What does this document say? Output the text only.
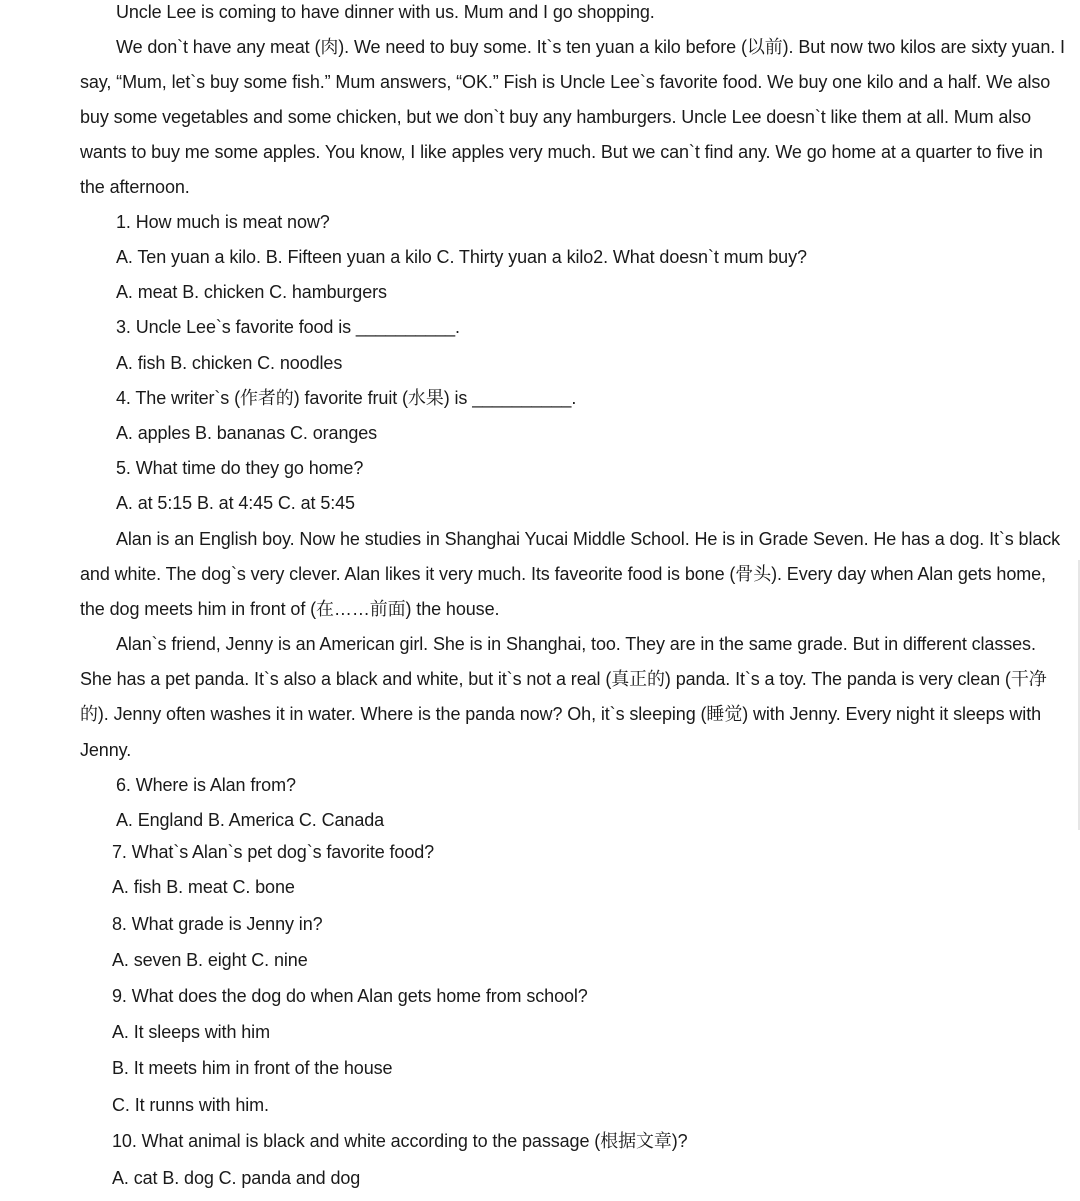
Uncle Lee is coming to have dinner with us. Mum and I go shopping.
We don`t have any meat (肉). We need to buy some. It`s ten yuan a kilo before (以前). But now two kilos are sixty yuan. I
say, “Mum, let`s buy some fish.” Mum answers, “OK.” Fish is Uncle Lee`s favorite food. We buy one kilo and a half. We also
buy some vegetables and some chicken, but we don`t buy any hamburgers. Uncle Lee doesn`t like them at all. Mum also
wants to buy me some apples. You know, I like apples very much. But we can`t find any. We go home at a quarter to five in
the afternoon.
1. How much is meat now?
A. Ten yuan a kilo. B. Fifteen yuan a kilo C. Thirty yuan a kilo2. What doesn`t mum buy?
A. meat B. chicken C. hamburgers
3. Uncle Lee`s favorite food is __________.
A. fish B. chicken C. noodles
4. The writer`s (作者的) favorite fruit (水果) is __________.
A. apples B. bananas C. oranges
5. What time do they go home?
A. at 5:15 B. at 4:45 C. at 5:45
Alan is an English boy. Now he studies in Shanghai Yucai Middle School. He is in Grade Seven. He has a dog. It`s black
and white. The dog`s very clever. Alan likes it very much. Its faveorite food is bone (骨头). Every day when Alan gets home,
the dog meets him in front of (在……前面) the house.
Alan`s friend, Jenny is an American girl. She is in Shanghai, too. They are in the same grade. But in different classes.
She has a pet panda. It`s also a black and white, but it`s not a real (真正的) panda. It`s a toy. The panda is very clean (干净
的). Jenny often washes it in water. Where is the panda now? Oh, it`s sleeping (睡觉) with Jenny. Every night it sleeps with
Jenny.
6. Where is Alan from?
A. England B. America C. Canada
7. What`s Alan`s pet dog`s favorite food?
A. fish B. meat C. bone
8. What grade is Jenny in?
A. seven B. eight C. nine
9. What does the dog do when Alan gets home from school?
A. It sleeps with him
B. It meets him in front of the house
C. It runns with him.
10. What animal is black and white according to the passage (根据文章)?
A. cat B. dog C. panda and dog
